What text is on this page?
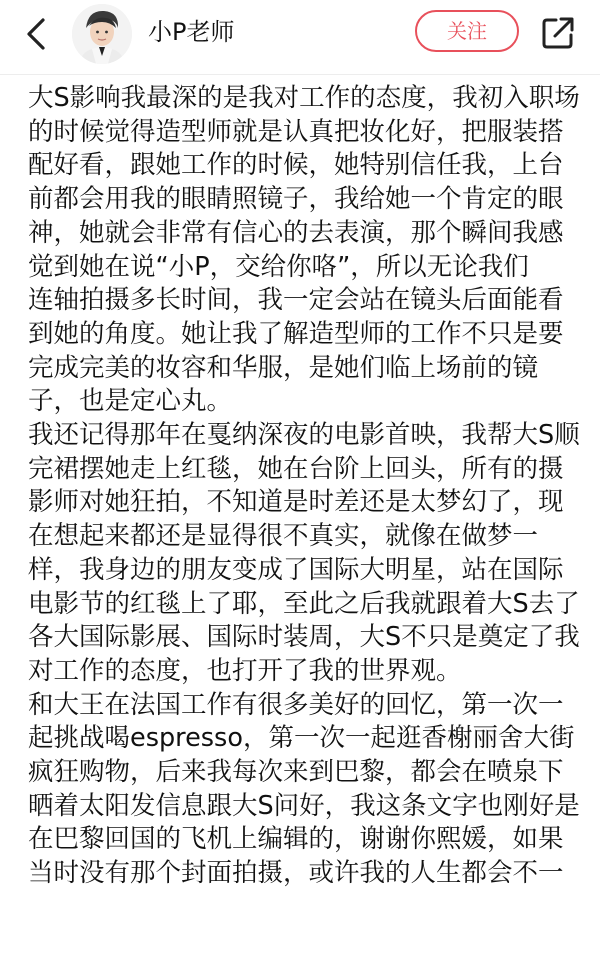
小P老师	关注
大S影响我最深的是我对工作的态度，我初入职场
的时候觉得造型师就是认真把妆化好，把服装搭
配好看，跟她工作的时候，她特别信任我，上台
前都会用我的眼睛照镜子，我给她一个肯定的眼
神，她就会非常有信心的去表演，那个瞬间我感
觉到她在说“小P，交给你咯”，所以无论我们
连轴拍摄多长时间，我一定会站在镜头后面能看
到她的角度。她让我了解造型师的工作不只是要
完成完美的妆容和华服，是她们临上场前的镜
子，也是定心丸。
我还记得那年在戛纳深夜的电影首映，我帮大S顺
完裙摆她走上红毯，她在台阶上回头，所有的摄
影师对她狂拍，不知道是时差还是太梦幻了，现
在想起来都还是显得很不真实，就像在做梦一
样，我身边的朋友变成了国际大明星，站在国际
电影节的红毯上了耶，至此之后我就跟着大S去了
各大国际影展、国际时装周，大S不只是奠定了我
对工作的态度，也打开了我的世界观。
和大王在法国工作有很多美好的回忆，第一次一
起挑战喝espresso，第一次一起逛香榭丽舍大街
疯狂购物，后来我每次来到巴黎，都会在喷泉下
晒着太阳发信息跟大S问好，我这条文字也刚好是
在巴黎回国的飞机上编辑的，谢谢你熙媛，如果
当时没有那个封面拍摄，或许我的人生都会不一
